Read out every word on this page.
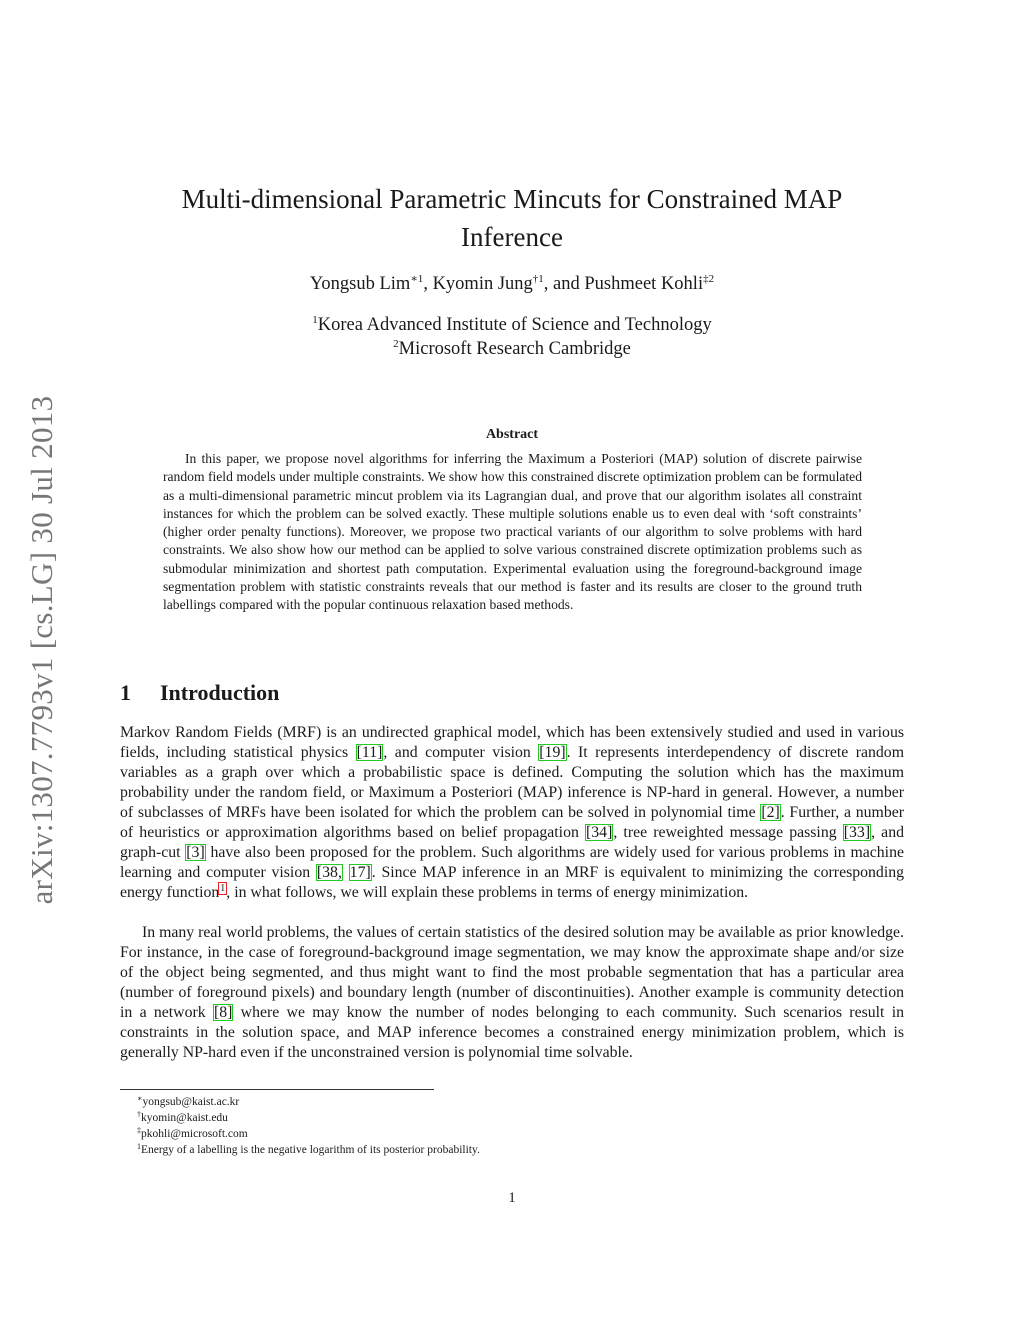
arXiv:1307.7793v1 [cs.LG] 30 Jul 2013
Multi-dimensional Parametric Mincuts for Constrained MAP Inference
Yongsub Lim$^{∗1}$, Kyomin Jung$^{\dagger 1}$, and Pushmeet Kohli$^{\ddagger 2}$
$^1$Korea Advanced Institute of Science and Technology
$^2$Microsoft Research Cambridge
Abstract

In this paper, we propose novel algorithms for inferring the Maximum a Posteriori (MAP) solution of discrete pairwise random field models under multiple constraints. We show how this constrained discrete optimization problem can be formulated as a multi-dimensional parametric mincut problem via its Lagrangian dual, and prove that our algorithm isolates all constraint instances for which the problem can be solved exactly. These multiple solutions enable us to even deal with ‘soft constraints’ (higher order penalty functions). Moreover, we propose two practical variants of our algorithm to solve problems with hard constraints. We also show how our method can be applied to solve various constrained discrete optimization problems such as submodular minimization and shortest path computation. Experimental evaluation using the foreground-background image segmentation problem with statistic constraints reveals that our method is faster and its results are closer to the ground truth labellings compared with the popular continuous relaxation based methods.

1 Introduction

Markov Random Fields (MRF) is an undirected graphical model, which has been extensively studied and used in various fields, including statistical physics [11], and computer vision [19]. It represents interdependency of discrete random variables as a graph over which a probabilistic space is defined. Computing the solution which has the maximum probability under the random field, or Maximum a Posteriori (MAP) inference is NP-hard in general. However, a number of subclasses of MRFs have been isolated for which the problem can be solved in polynomial time [2]. Further, a number of heuristics or approximation algorithms based on belief propagation [34], tree reweighted message passing [33], and graph-cut [3] have also been proposed for the problem. Such algorithms are widely used for various problems in machine learning and computer vision [38, 17]. Since MAP inference in an MRF is equivalent to minimizing the corresponding energy function$^1$, in what follows, we will explain these problems in terms of energy minimization.

In many real world problems, the values of certain statistics of the desired solution may be available as prior knowledge. For instance, in the case of foreground-background image segmentation, we may know the approximate shape and/or size of the object being segmented, and thus might want to find the most probable segmentation that has a particular area (number of foreground pixels) and boundary length (number of discontinuities). Another example is community detection in a network [8] where we may know the number of nodes belonging to each community. Such scenarios result in constraints in the solution space, and MAP inference becomes a constrained energy minimization problem, which is generally NP-hard even if the unconstrained version is polynomial time solvable.

∗yongsub@kaist.ac.kr
†kyomin@kaist.edu
‡pkohli@microsoft.com
$^1$Energy of a labelling is the negative logarithm of its posterior probability.
1
